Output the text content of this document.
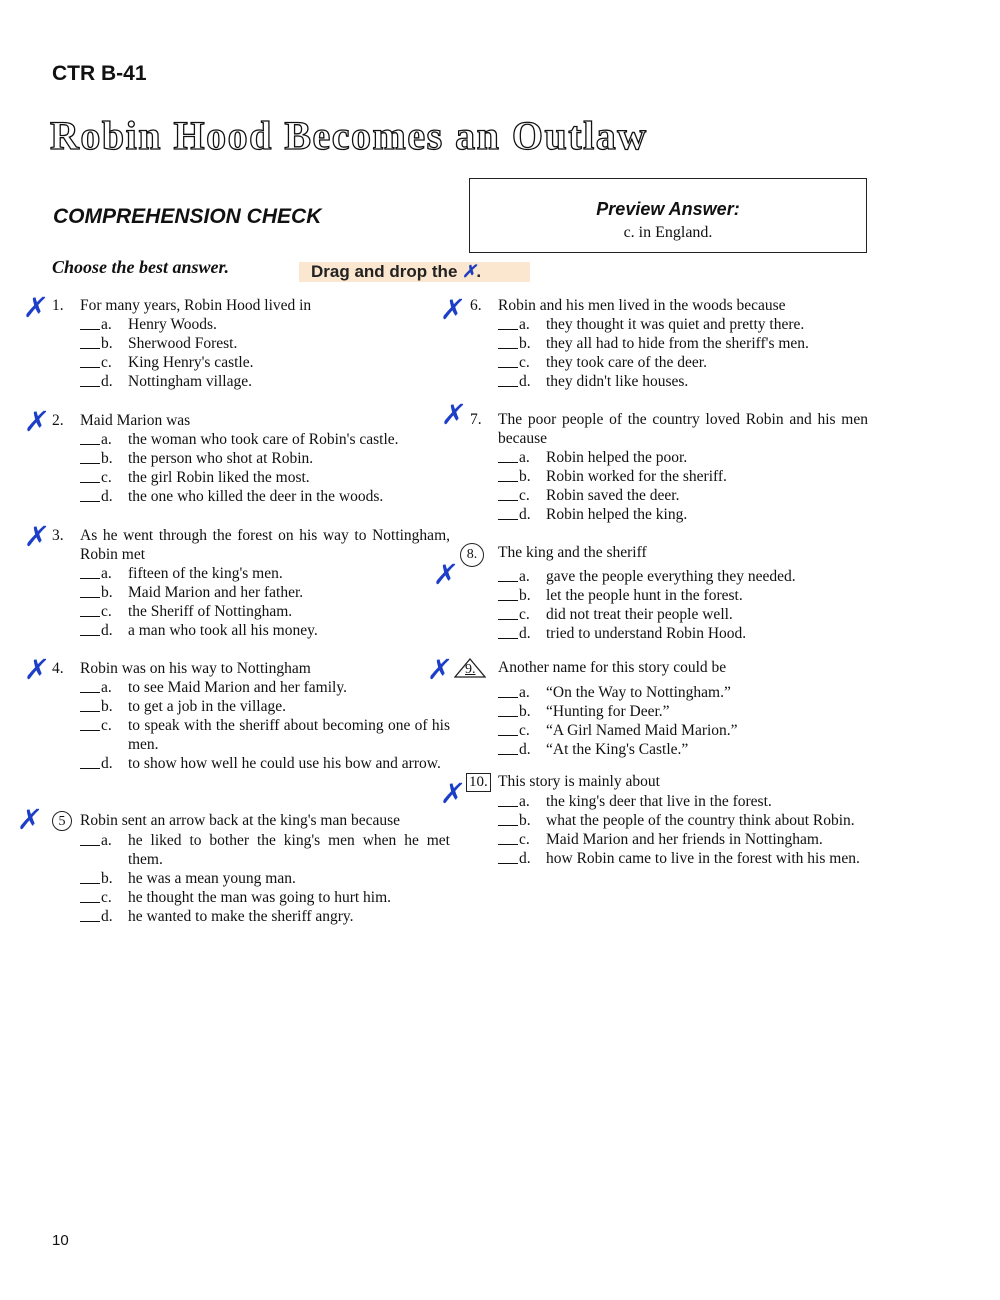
CTR B-41
Robin Hood Becomes an Outlaw
COMPREHENSION CHECK	Preview Answer:
c. in England.
Choose the best answer.	Drag and drop the ✗.
1.	For many years, Robin Hood lived in
a.	Henry Woods.
b. Sherwood Forest.
c.	King Henry's castle.
d. Nottingham village.
2.	Maid Marion was
a.	the woman who took care of Robin's castle.
b. the person who shot at Robin.
c.	the girl Robin liked the most.
d. the one who killed the deer in the woods.
3.	As he went through the forest on his way to Nottingham, Robin met
a.	fifteen of the king's men.
b. Maid Marion and her father.
c.	the Sheriff of Nottingham.
d. a man who took all his money.
4.	Robin was on his way to Nottingham
a.	to see Maid Marion and her family.
b. to get a job in the village.
c.	to speak with the sheriff about becoming one of his men.
d. to show how well he could use his bow and arrow.
5 Robin sent an arrow back at the king's man because
a.	he liked to bother the king's men when he met them.
b. he was a mean young man.
c.	he thought the man was going to hurt him.
d. he wanted to make the sheriff angry.
6.	Robin and his men lived in the woods because
a.	they thought it was quiet and pretty there.
b. they all had to hide from the sheriff's men.
c.	they took care of the deer.
d. they didn't like houses.
7.	The poor people of the country loved Robin and his men because
a.	Robin helped the poor.
b. Robin worked for the sheriff.
c.	Robin saved the deer.
d. Robin helped the king.
8.	The king and the sheriff
a.	gave the people everything they needed.
b. let the people hunt in the forest.
c.	did not treat their people well.
d. tried to understand Robin Hood.
9. Another name for this story could be
a.	“On the Way to Nottingham.”
b. “Hunting for Deer.”
c.	“A Girl Named Maid Marion.”
d. “At the King's Castle.”
10. This story is mainly about
a.	the king's deer that live in the forest.
b. what the people of the country think about Robin.
c.	Maid Marion and her friends in Nottingham.
d. how Robin came to live in the forest with his men.
✗
✗
✗
✗
✗
✗
✗
✗
✗
✗
10
